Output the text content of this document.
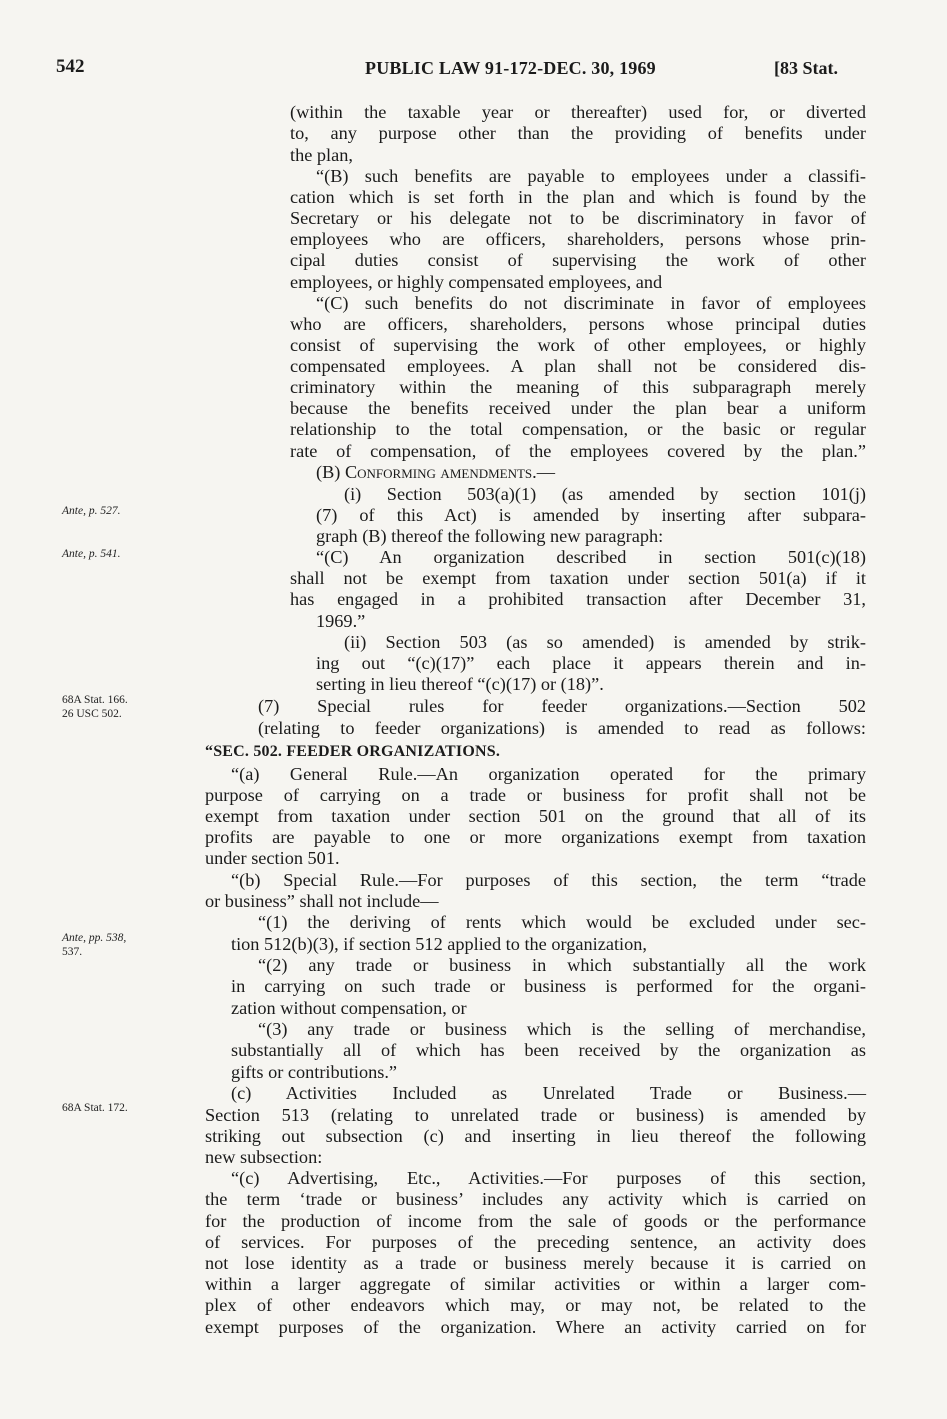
542	PUBLIC LAW 91-172-DEC. 30, 1969	[83 Stat.
Ante, p. 527.
Ante, p. 541.
68A Stat. 166.
26 USC 502.
Ante, pp. 538,
537.
68A Stat. 172.
(within the taxable year or thereafter) used for, or diverted
to, any purpose other than the providing of benefits under
the plan,
“(B) such benefits are payable to employees under a classifi-
cation which is set forth in the plan and which is found by the
Secretary or his delegate not to be discriminatory in favor of
employees who are officers, shareholders, persons whose prin-
cipal duties consist of supervising the work of other
employees, or highly compensated employees, and
“(C) such benefits do not discriminate in favor of employees
who are officers, shareholders, persons whose principal duties
consist of supervising the work of other employees, or highly
compensated employees. A plan shall not be considered dis-
criminatory within the meaning of this subparagraph merely
because the benefits received under the plan bear a uniform
relationship to the total compensation, or the basic or regular
rate of compensation, of the employees covered by the plan.”
(B) Conforming amendments.—
(i) Section 503(a)(1) (as amended by section 101(j)
(7) of this Act) is amended by inserting after subpara-
graph (B) thereof the following new paragraph:
“(C) An organization described in section 501(c)(18)
shall not be exempt from taxation under section 501(a) if it
has engaged in a prohibited transaction after December 31,
1969.”
(ii) Section 503 (as so amended) is amended by strik-
ing out “(c)(17)” each place it appears therein and in-
serting in lieu thereof “(c)(17) or (18)”.
(7) Special rules for feeder organizations.—Section 502
(relating to feeder organizations) is amended to read as follows:
“SEC. 502. FEEDER ORGANIZATIONS.
“(a) General Rule.—An organization operated for the primary
purpose of carrying on a trade or business for profit shall not be
exempt from taxation under section 501 on the ground that all of its
profits are payable to one or more organizations exempt from taxation
under section 501.
“(b) Special Rule.—For purposes of this section, the term “trade
or business” shall not include—
“(1) the deriving of rents which would be excluded under sec-
tion 512(b)(3), if section 512 applied to the organization,
“(2) any trade or business in which substantially all the work
in carrying on such trade or business is performed for the organi-
zation without compensation, or
“(3) any trade or business which is the selling of merchandise,
substantially all of which has been received by the organization as
gifts or contributions.”
(c) Activities Included as Unrelated Trade or Business.—
Section 513 (relating to unrelated trade or business) is amended by
striking out subsection (c) and inserting in lieu thereof the following
new subsection:
“(c) Advertising, Etc., Activities.—For purposes of this section,
the term ‘trade or business’ includes any activity which is carried on
for the production of income from the sale of goods or the performance
of services. For purposes of the preceding sentence, an activity does
not lose identity as a trade or business merely because it is carried on
within a larger aggregate of similar activities or within a larger com-
plex of other endeavors which may, or may not, be related to the
exempt purposes of the organization. Where an activity carried on for
